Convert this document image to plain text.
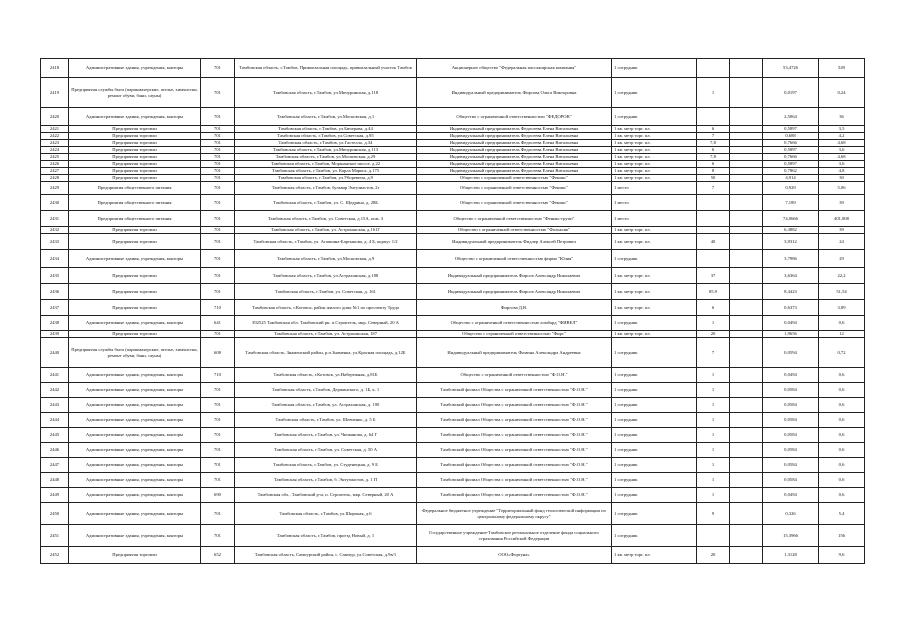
2418	Административные здания, учреждения, конторы	701	Тамбовская область, г.Тамбов, Привокзальная площадь, привокзальный участок Тамбов	Акционерное общество "Федеральная пассажирская компания"	1 сотрудник			53,4726	549
2419	Предприятия службы быта (парикмахерские, ателье, химчистки, ремонт обуви, бани, сауны)	701	Тамбовская область, г.Тамбов, ул.Мичуринская, д.118	Индивидуальный предприниматель Фирсова Ольга Викторовна	1 сотрудник	1		0,0197	0,24
2420	Административные здания, учреждения, конторы	701	Тамбовская область, г.Тамбов, ул.Московская, д.1	Общество с ограниченной ответственностью "ФЕДОРОВ"	1 сотрудник			2,5064	36
2421	Предприятия торговли	701	Тамбовская область, г.Тамбов, ул.Бичерова, д.44	Индивидуальный предприниматель Федосеева Елена Витальевна	1 кв. метр торг. пл.	6		0,5897	3,5
2422	Предприятия торговли	701	Тамбовская область, г.Тамбов, ул.Советская, д.95	Индивидуальный предприниматель Федосеева Елена Витальевна	1 кв. метр торг. пл.	7		0,688	4,2
2423	Предприятия торговли	701	Тамбовская область, г.Тамбов, ул.Гастелло, д.34	Индивидуальный предприниматель Федосеева Елена Витальевна	1 кв. метр торг. пл.	7,8		0,7666	4,68
2424	Предприятия торговли	701	Тамбовская область, г.Тамбов, ул.Мичуринская, д.113	Индивидуальный предприниматель Федосеева Елена Витальевна	1 кв. метр торг. пл.	6		0,5897	3,6
2425	Предприятия торговли	701	Тамбовская область, г.Тамбов, ул.Московская, д.29	Индивидуальный предприниматель Федосеева Елена Витальевна	1 кв. метр торг. пл.	7,8		0,7666	4,68
2426	Предприятия торговли	701	Тамбовская область, г.Тамбов, Моршанское шоссе, д.22	Индивидуальный предприниматель Федосеева Елена Витальевна	1 кв. метр торг. пл.	6		0,5897	3,6
2427	Предприятия торговли	701	Тамбовская область, г.Тамбов, ул. Карла Маркса, д.175	Индивидуальный предприниматель Федосеева Елена Витальевна	1 кв. метр торг. пл.	8		0,7862	4,8
2428	Предприятия торговли	701	Тамбовская область, г.Тамбов, ул.Уборевича, д.9	Общество с ограниченной ответственностью "Феникс"	1 кв. метр торг. пл.	50		4,914	30
2429	Предприятия общественного питания	701	Тамбовская область, г.Тамбов, бульвар Энтузиастов, 2з	Общество с ограниченной ответственностью "Феникс"	1 место	7		0,929	5,06
2430	Предприятия общественного питания	701	Тамбовская область, г.Тамбов, ул. С. Щедрина, д. 28Б	Общество с ограниченной ответственностью "Феникс"	1 место			7,189	39
2431	Предприятия общественного питания	701	Тамбовская область, г.Тамбов, ул. Советская, д.15А, пом. 3	Общество с ограниченной ответственностью "Феникс-групп"	1 место			74,0666	401,808
2432	Предприятия торговли	701	Тамбовская область, г.Тамбов, ул. Астраханская, д.161Г	Общество с ограниченной ответственностью "Фольксик"	1 кв. метр торг. пл.			6,3882	39
2433	Предприятия торговли	701	Тамбовская область, г.Тамбов, ул. Агапкина-Бартынова, д. 4 Б, корпус 1/2	Индивидуальный предприниматель Фидлер Алексей Петрович	1 кв. метр торг. пл.	40		3,9312	24
2434	Административные здания, учреждения, конторы	701	Тамбовская область, г.Тамбов, ул.Московская, д.9	Общество с ограниченной ответственностью фирма "Юлия"	1 сотрудник			3,7986	29
2435	Предприятия торговли	701	Тамбовская область, г.Тамбов, ул.Астраханская, д.188	Индивидуальный предприниматель Фирсов Александр Николаевич	1 кв. метр торг. пл.	37		3,6364	22,2
2436	Предприятия торговли	701	Тамбовская область, г.Тамбов, ул. Советская, д. 161	Индивидуальный предприниматель Фирсов Александр Николаевич	1 кв. метр торг. пл.	85,9		8,4423	51,54
2437	Предприятия торговли	710	Тамбовская область, г.Котовск, район жилого дома №1 по проспекту Труда	Фирсова Д.В.	1 кв. метр торг. пл.	6		0,6373	3,89
2438	Административные здания, учреждения, конторы	641	392525 Тамбовская обл. Тамбовский рн. п.Строитель, мкр. Северный, 20 А	Общество с ограниченной ответственностью ломбард "ФИВЕЛ"	1 сотрудник	1		0,0494	0,6
2439	Предприятия торговли	701	Тамбовская область, г.Тамбов, ул. Астраханская, 187	Общество с ограниченной ответственностью "Фирс"	1 кв. метр торг. пл.	20		1,9656	12
2440	Предприятия службы быта (парикмахерские, ателье, химчистки, ремонт обуви, бани, сауны)	608	Тамбовская область, Знаменский район, р.п.Знаменка, ул.Красная площадь, д.12Б	Индивидуальный предприниматель Фомина Александра Андреевна	1 сотрудник	7		0,0594	0,72
2441	Административные здания, учреждения, конторы	710	Тамбовская область, г.Котовск, ул.Набережная, д.81Б	Общество с ограниченной ответственностью "Ф.О.Н."	1 сотрудник	1		0,0494	0,6
2442	Административные здания, учреждения, конторы	701	Тамбовская область, г.Тамбов, Держинского, д. 1Б, к. 1	Тамбовский филиал Общества с ограниченной ответственностью "Ф.О.Н."	1 сотрудник	1		0,0584	0,6
2443	Административные здания, учреждения, конторы	701	Тамбовская область, г.Тамбов, ул. Астраханская, д. 190	Тамбовский филиал Общества с ограниченной ответственностью "Ф.О.Н."	1 сотрудник	1		0,0584	0,6
2444	Административные здания, учреждения, конторы	701	Тамбовская область, г.Тамбов, ул. Шевченко, д. 5 Б	Тамбовский филиал Общества с ограниченной ответственностью "Ф.О.Н."	1 сотрудник	1		0,0584	0,6
2445	Административные здания, учреждения, конторы	701	Тамбовская область, г.Тамбов, ул. Чичканова, д. 64 Г	Тамбовский филиал Общества с ограниченной ответственностью "Ф.О.Н."	1 сотрудник	1		0,0584	0,6
2446	Административные здания, учреждения, конторы	701	Тамбовская область, г.Тамбов, ул. Советская, д. 50 А	Тамбовский филиал Общества с ограниченной ответственностью "Ф.О.Н."	1 сотрудник	1		0,0584	0,6
2447	Административные здания, учреждения, конторы	701	Тамбовская область, г.Тамбов, ул. Студенецкая, д. 9 Б	Тамбовский филиал Общества с ограниченной ответственностью "Ф.О.Н."	1 сотрудник	1		0,0584	0,6
2448	Административные здания, учреждения, конторы	701	Тамбовская область, г.Тамбов, б. Энтузиастов, д. 1 П	Тамбовский филиал Общества с ограниченной ответственностью "Ф.О.Н."	1 сотрудник	1		0,0584	0,6
2449	Административные здания, учреждения, конторы	690	Тамбовская обл., Тамбовский р-н, п. Строитель, мкр. Северный, 20 А	Тамбовский филиал Общества с ограниченной ответственностью "Ф.О.Н."	1 сотрудник	1		0,0494	0,6
2450	Административные здания, учреждения, конторы	701	Тамбовская область, г.Тамбов, ул.Широкая, д.6	Федеральное бюджетное учреждение "Территориальный фонд геологической информации по центральному федеральному округу"	1 сотрудник	9		0,326	5,4
2451	Административные здания, учреждения, конторы	701	Тамбовская область, г.Тамбов, проезд Новый, д. 1	Государственное учреждение-Тамбовское региональное отделение фонда социального страхования Российской Федерации	1 сотрудник			15,3966	156
2452	Предприятия торговли	652	Тамбовская область, Сампурский район, с. Сампур, ул.Советская, д.9в/1	ООО«Фортуна»	1 кв. метр торг. пл.	20		1,3128	9,6
